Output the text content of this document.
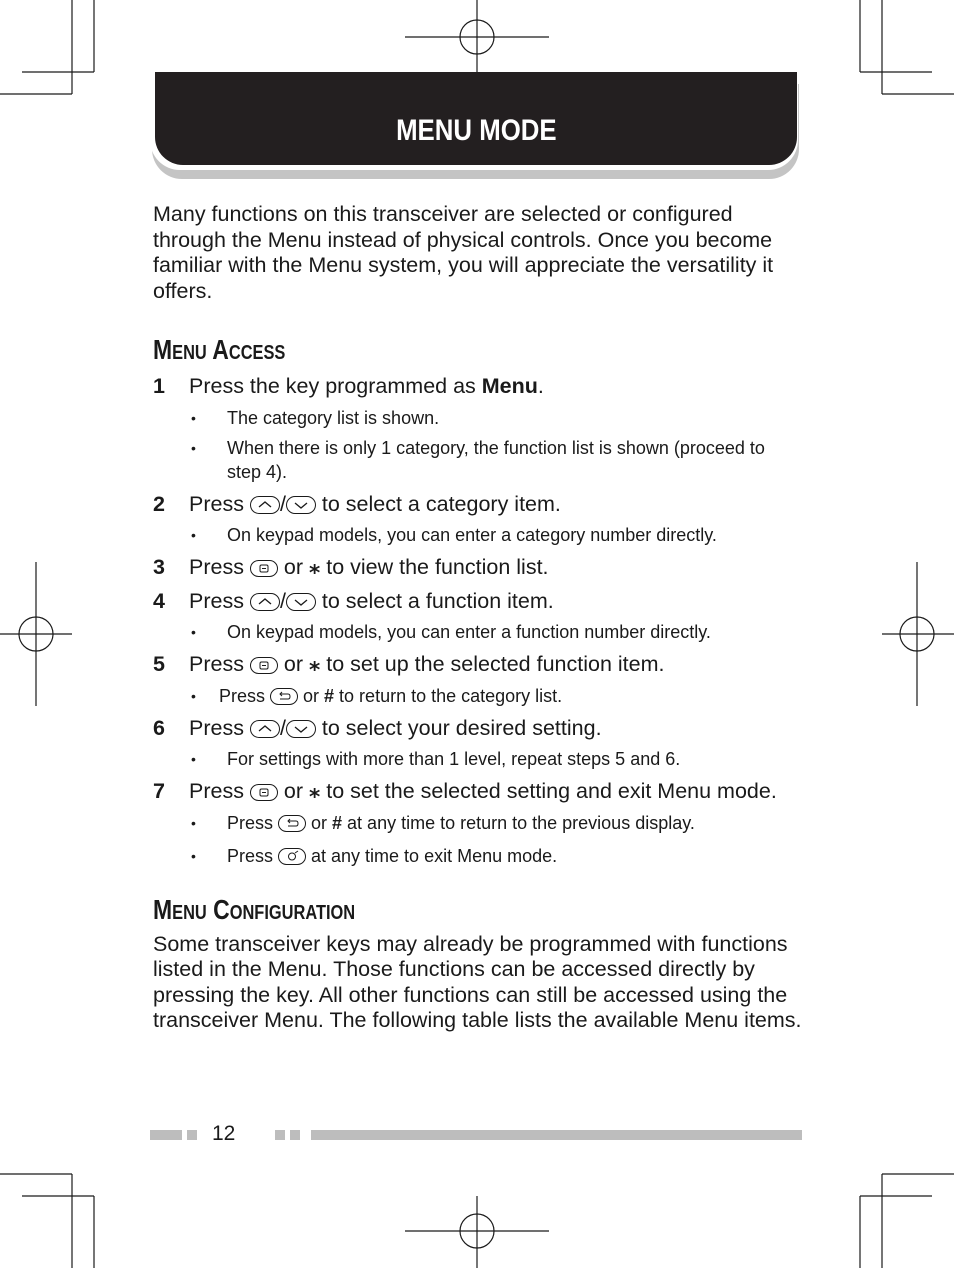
MENU MODE

Many functions on this transceiver are selected or configured through the Menu instead of physical controls. Once you become familiar with the Menu system, you will appreciate the versatility it offers.

Menu Access
1	Press the key programmed as Menu.
•	The category list is shown.
•	When there is only 1 category, the function list is shown (proceed to step 4).
2	Press
/
to select a category item.
•	On keypad models, you can enter a category number directly.
3	Press
or ⁎ to view the function list.
4	Press
/
to select a function item.
•	On keypad models, you can enter a function number directly.
5	Press
or ⁎ to set up the selected function item.
•	Press
or # to return to the category list.
6	Press
/
to select your desired setting.
•	For settings with more than 1 level, repeat steps 5 and 6.
7	Press
or ⁎ to set the selected setting and exit Menu mode.
•	Press
or # at any time to return to the previous display.
•	Press
at any time to exit Menu mode.
Menu Configuration

Some transceiver keys may already be programmed with functions listed in the Menu. Those functions can be accessed directly by pressing the key. All other functions can still be accessed using the transceiver Menu. The following table lists the available Menu items.

12
